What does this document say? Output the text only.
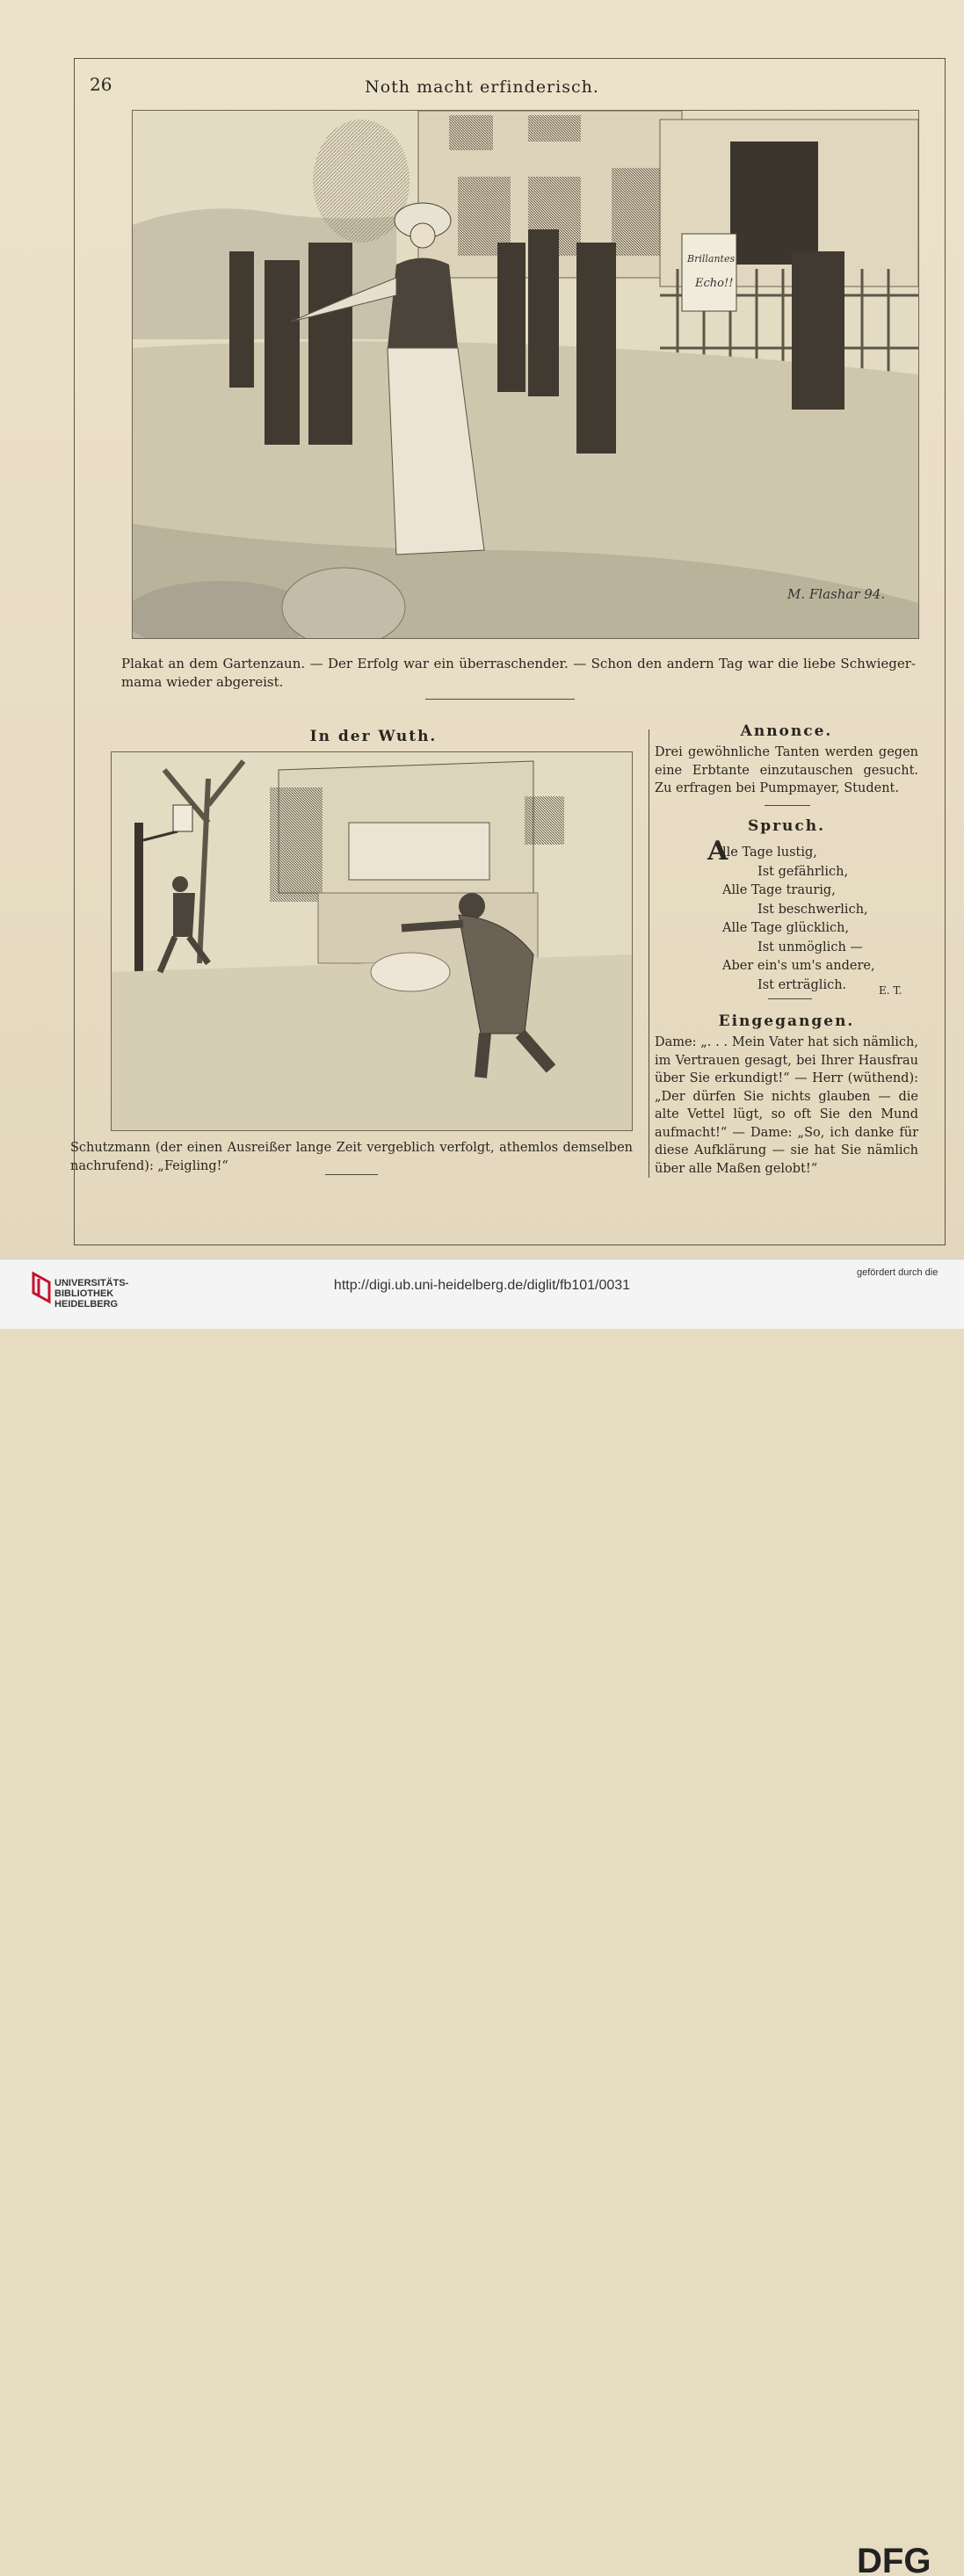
26	Noth macht erfinderisch.
Brillantes
Echo!!
M. Flashar 94.
Plakat an dem Gartenzaun. — Der Erfolg war ein überraschender. — Schon den andern Tag war die liebe Schwieger-mama wieder abgereist.
In der Wuth.
Schutzmann (der einen Ausreißer lange Zeit vergeblich verfolgt, athemlos demselben nachrufend): „Feigling!“
Annonce.
Drei gewöhnliche Tanten werden gegen eine Erbtante einzutauschen gesucht. Zu erfragen bei Pumpmayer, Student.
Spruch.
A
lle Tage lustig,
Ist gefährlich,
Alle Tage traurig,
Ist beschwerlich,
Alle Tage glücklich,
Ist unmöglich —
Aber ein's um's andere,
Ist erträglich.	E. T.
Eingegangen.
Dame: „. . . Mein Vater hat sich nämlich, im Vertrauen gesagt, bei Ihrer Hausfrau über Sie erkundigt!“ — Herr (wüthend): „Der dürfen Sie nichts glauben — die alte Vettel lügt, so oft Sie den Mund aufmacht!“ — Dame: „So, ich danke für diese Aufklärung — sie hat Sie nämlich über alle Maßen gelobt!“
DFG
UNIVERSITÄTS-
BIBLIOTHEK
HEIDELBERG
http://digi.ub.uni-heidelberg.de/diglit/fb101/0031
gefördert durch die
